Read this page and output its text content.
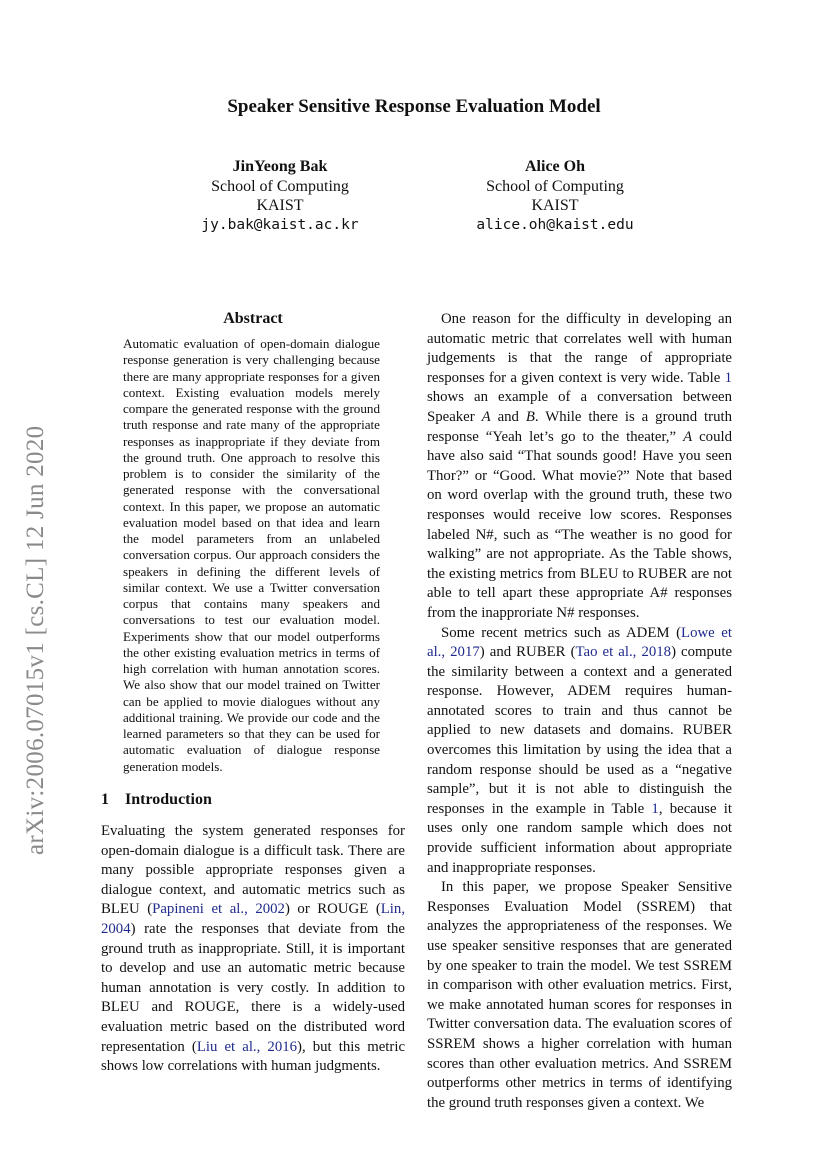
arXiv:2006.07015v1 [cs.CL] 12 Jun 2020
Speaker Sensitive Response Evaluation Model
JinYeong Bak
School of Computing
KAIST
jy.bak@kaist.ac.kr
Alice Oh
School of Computing
KAIST
alice.oh@kaist.edu
Abstract
Automatic evaluation of open-domain dialogue response generation is very challenging because there are many appropriate responses for a given context. Existing evaluation models merely compare the generated response with the ground truth response and rate many of the appropriate responses as inappropriate if they deviate from the ground truth. One approach to resolve this problem is to consider the similarity of the generated response with the conversational context. In this paper, we propose an automatic evaluation model based on that idea and learn the model parameters from an unlabeled conversation corpus. Our approach considers the speakers in defining the different levels of similar context. We use a Twitter conversation corpus that contains many speakers and conversations to test our evaluation model. Experiments show that our model outperforms the other existing evaluation metrics in terms of high correlation with human annotation scores. We also show that our model trained on Twitter can be applied to movie dialogues without any additional training. We provide our code and the learned parameters so that they can be used for automatic evaluation of dialogue response generation models.
1 Introduction

Evaluating the system generated responses for open-domain dialogue is a difficult task. There are many possible appropriate responses given a dialogue context, and automatic metrics such as BLEU (Papineni et al., 2002) or ROUGE (Lin, 2004) rate the responses that deviate from the ground truth as inappropriate. Still, it is important to develop and use an automatic metric because human annotation is very costly. In addition to BLEU and ROUGE, there is a widely-used evaluation metric based on the distributed word representation (Liu et al., 2016), but this metric shows low correlations with human judgments.

One reason for the difficulty in developing an automatic metric that correlates well with human judgements is that the range of appropriate responses for a given context is very wide. Table 1 shows an example of a conversation between Speaker A and B. While there is a ground truth response “Yeah let’s go to the theater,” A could have also said “That sounds good! Have you seen Thor?” or “Good. What movie?” Note that based on word overlap with the ground truth, these two responses would receive low scores. Responses labeled N#, such as “The weather is no good for walking” are not appropriate. As the Table shows, the existing metrics from BLEU to RUBER are not able to tell apart these appropriate A# responses from the inapproriate N# responses.

Some recent metrics such as ADEM (Lowe et al., 2017) and RUBER (Tao et al., 2018) compute the similarity between a context and a generated response. However, ADEM requires human-annotated scores to train and thus cannot be applied to new datasets and domains. RUBER overcomes this limitation by using the idea that a random response should be used as a “negative sample”, but it is not able to distinguish the responses in the example in Table 1, because it uses only one random sample which does not provide sufficient information about appropriate and inappropriate responses.

In this paper, we propose Speaker Sensitive Responses Evaluation Model (SSREM) that analyzes the appropriateness of the responses. We use speaker sensitive responses that are generated by one speaker to train the model. We test SSREM in comparison with other evaluation metrics. First, we make annotated human scores for responses in Twitter conversation data. The evaluation scores of SSREM shows a higher correlation with human scores than other evaluation metrics. And SSREM outperforms other metrics in terms of identifying the ground truth responses given a context. We
